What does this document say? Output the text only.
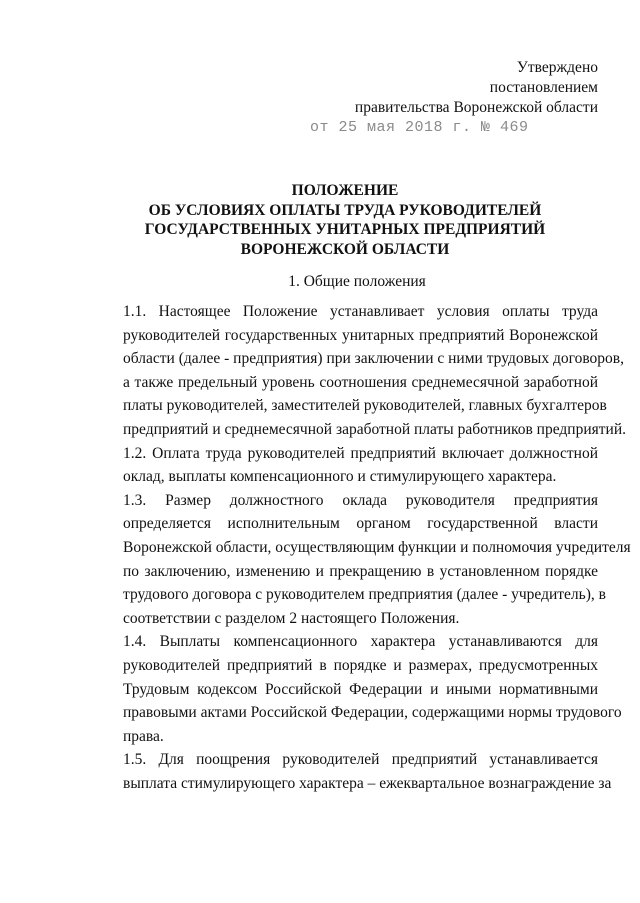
Утверждено
постановлением
правительства Воронежской области
от 25 мая 2018 г. № 469
ПОЛОЖЕНИЕ
ОБ УСЛОВИЯХ ОПЛАТЫ ТРУДА РУКОВОДИТЕЛЕЙ
ГОСУДАРСТВЕННЫХ УНИТАРНЫХ ПРЕДПРИЯТИЙ
ВОРОНЕЖСКОЙ ОБЛАСТИ
1. Общие положения
1.1. Настоящее Положение устанавливает условия оплаты труда
руководителей государственных унитарных предприятий Воронежской
области (далее - предприятия) при заключении с ними трудовых договоров,
а также предельный уровень соотношения среднемесячной заработной
платы руководителей, заместителей руководителей, главных бухгалтеров
предприятий и среднемесячной заработной платы работников предприятий.
1.2. Оплата труда руководителей предприятий включает должностной
оклад, выплаты компенсационного и стимулирующего характера.
1.3. Размер должностного оклада руководителя предприятия
определяется исполнительным органом государственной власти
Воронежской области, осуществляющим функции и полномочия учредителя
по заключению, изменению и прекращению в установленном порядке
трудового договора с руководителем предприятия (далее - учредитель), в
соответствии с разделом 2 настоящего Положения.
1.4. Выплаты компенсационного характера устанавливаются для
руководителей предприятий в порядке и размерах, предусмотренных
Трудовым кодексом Российской Федерации и иными нормативными
правовыми актами Российской Федерации, содержащими нормы трудового
права.
1.5. Для поощрения руководителей предприятий устанавливается
выплата стимулирующего характера – ежеквартальное вознаграждение за
